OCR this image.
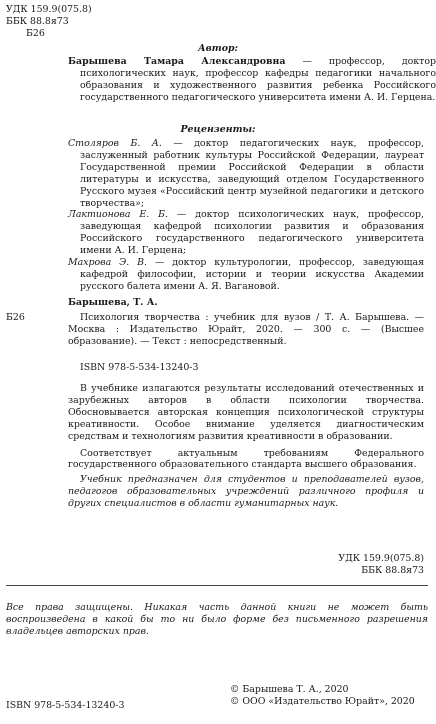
УДК 159.9(075.8)
ББК 88.8я73
Б26
Автор:
Барышева Тамара Александровна — профессор, доктор психологических наук, профессор кафедры педагогики начального образования и художественного развития ребенка Российского государственного педагогического университета имени А. И. Герцена.
Рецензенты:
Столяров Б. А. — доктор педагогических наук, профессор, заслуженный работник культуры Российской Федерации, лауреат Государственной премии Российской Федерации в области литературы и искусства, заведующий отделом Государственного Русского музея «Российский центр музейной педагогики и детского творчества»;
Лактионова Е. Б. — доктор психологических наук, профессор, заведующая кафедрой психологии развития и образования Российского государственного педагогического университета имени А. И. Герцена;
Махрова Э. В. — доктор культурологии, профессор, заведующая кафедрой философии, истории и теории искусства Академии русского балета имени А. Я. Вагановой.
Барышева, Т. А.
Б26	Психология творчества : учебник для вузов / Т. А. Барышева. — Москва : Издательство Юрайт, 2020. — 300 с. — (Высшее образование). — Текст : непосредственный.
ISBN 978-5-534-13240-3

В учебнике излагаются результаты исследований отечественных и зарубежных авторов в области психологии творчества. Обосновывается авторская концепция психологической структуры креативности. Особое внимание уделяется диагностическим средствам и технологиям развития креативности в образовании.

Соответствует актуальным требованиям Федерального государственного образовательного стандарта высшего образования.

Учебник предназначен для студентов и преподавателей вузов, педагогов образовательных учреждений различного профиля и других специалистов в области гуманитарных наук.

УДК 159.9(075.8)
ББК 88.8я73
Все права защищены. Никакая часть данной книги не может быть воспроизведена в какой бы то ни было форме без письменного разрешения владельцев авторских прав.
ISBN 978-5-534-13240-3
© Барышева Т. А., 2020
© ООО «Издательство Юрайт», 2020
